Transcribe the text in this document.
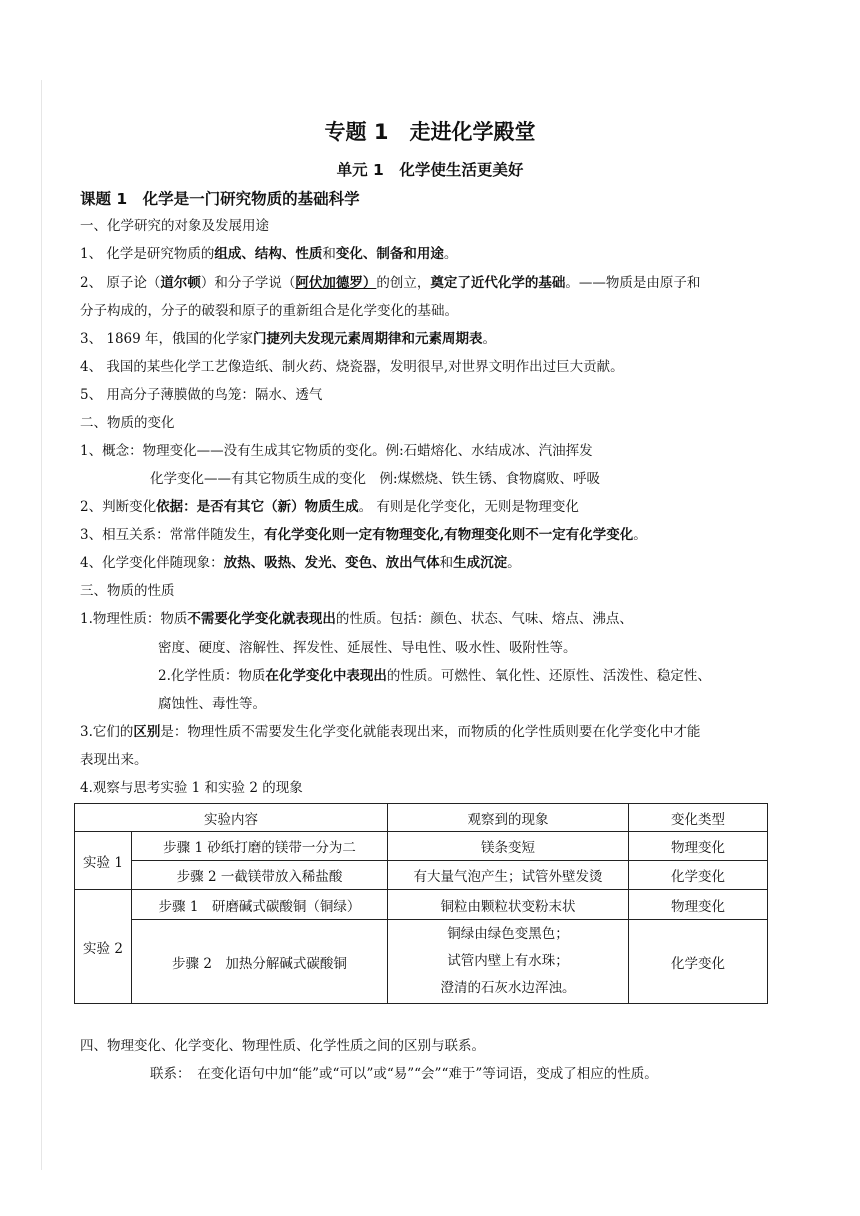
专题 1　走进化学殿堂
单元 1　化学使生活更美好
课题 1　化学是一门研究物质的基础科学
一、化学研究的对象及发展用途
1、 化学是研究物质的组成、结构、性质和变化、制备和用途。
2、 原子论（道尔顿）和分子学说（阿伏加德罗）的创立，奠定了近代化学的基础。——物质是由原子和
分子构成的，分子的破裂和原子的重新组合是化学变化的基础。
3、 1869 年，俄国的化学家门捷列夫发现元素周期律和元素周期表。
4、 我国的某些化学工艺像造纸、制火药、烧瓷器，发明很早,对世界文明作出过巨大贡献。
5、 用高分子薄膜做的鸟笼：隔水、透气
二、物质的变化
1、概念：物理变化——没有生成其它物质的变化。例:石蜡熔化、水结成冰、汽油挥发
化学变化——有其它物质生成的变化　例:煤燃烧、铁生锈、食物腐败、呼吸
2、判断变化依据：是否有其它（新）物质生成。 有则是化学变化，无则是物理变化
3、相互关系：常常伴随发生，有化学变化则一定有物理变化,有物理变化则不一定有化学变化。
4、化学变化伴随现象：放热、吸热、发光、变色、放出气体和生成沉淀。
三、物质的性质
1.物理性质：物质不需要化学变化就表现出的性质。包括：颜色、状态、气味、熔点、沸点、
密度、硬度、溶解性、挥发性、延展性、导电性、吸水性、吸附性等。
2.化学性质：物质在化学变化中表现出的性质。可燃性、氧化性、还原性、活泼性、稳定性、
腐蚀性、毒性等。
3.它们的区别是：物理性质不需要发生化学变化就能表现出来，而物质的化学性质则要在化学变化中才能
表现出来。
4.观察与思考实验 1 和实验 2 的现象
实验内容		观察到的现象	变化类型
实验 1	步骤 1 砂纸打磨的镁带一分为二	镁条变短	物理变化
	步骤 2 一截镁带放入稀盐酸	有大量气泡产生；试管外壁发烫	化学变化
实验 2	步骤 1　研磨碱式碳酸铜（铜绿）	铜粒由颗粒状变粉末状	物理变化
	步骤 2　加热分解碱式碳酸铜	铜绿由绿色变黑色；
试管内壁上有水珠；
澄清的石灰水边浑浊。	化学变化
四、物理变化、化学变化、物理性质、化学性质之间的区别与联系。
联系：　在变化语句中加“能”或“可以”或“易”“会”“难于”等词语，变成了相应的性质。
